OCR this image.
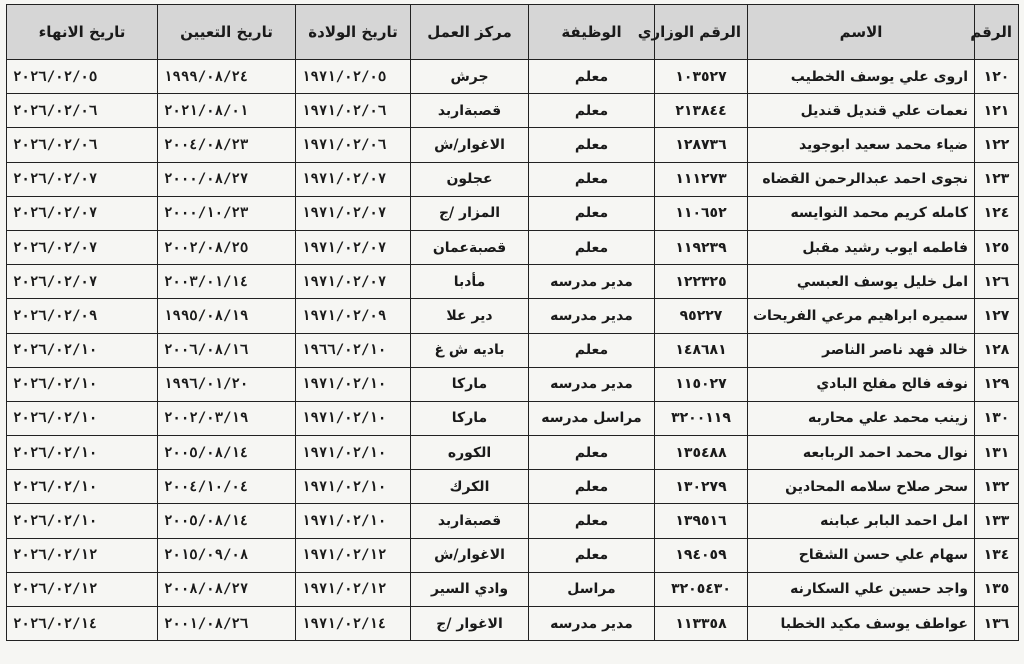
الرقم	الاسم	الرقم الوزاري	الوظيفة	مركز العمل	تاريخ الولادة	تاريخ التعيين	تاريخ الانهاء
١٢٠	اروى علي يوسف الخطيب	١٠٣٥٢٧	معلم	جرش	١٩٧١/٠٢/٠٥	١٩٩٩/٠٨/٢٤	٢٠٢٦/٠٢/٠٥
١٢١	نعمات علي قنديل قنديل	٢١٣٨٤٤	معلم	قصبةاربد	١٩٧١/٠٢/٠٦	٢٠٢١/٠٨/٠١	٢٠٢٦/٠٢/٠٦
١٢٢	ضياء محمد سعيد ابوجويد	١٢٨٧٣٦	معلم	الاغوار/ش	١٩٧١/٠٢/٠٦	٢٠٠٤/٠٨/٢٣	٢٠٢٦/٠٢/٠٦
١٢٣	نجوى احمد عبدالرحمن القضاه	١١١٢٧٣	معلم	عجلون	١٩٧١/٠٢/٠٧	٢٠٠٠/٠٨/٢٧	٢٠٢٦/٠٢/٠٧
١٢٤	كامله كريم محمد النوايسه	١١٠٦٥٢	معلم	المزار /ج	١٩٧١/٠٢/٠٧	٢٠٠٠/١٠/٢٣	٢٠٢٦/٠٢/٠٧
١٢٥	فاطمه ايوب رشيد مقبل	١١٩٢٣٩	معلم	قصبةعمان	١٩٧١/٠٢/٠٧	٢٠٠٢/٠٨/٢٥	٢٠٢٦/٠٢/٠٧
١٢٦	امل خليل يوسف العبسي	١٢٢٣٢٥	مدير مدرسه	مأدبا	١٩٧١/٠٢/٠٧	٢٠٠٣/٠١/١٤	٢٠٢٦/٠٢/٠٧
١٢٧	سميره ابراهيم مرعي الفريحات	٩٥٢٢٧	مدير مدرسه	دير علا	١٩٧١/٠٢/٠٩	١٩٩٥/٠٨/١٩	٢٠٢٦/٠٢/٠٩
١٢٨	خالد فهد ناصر الناصر	١٤٨٦٨١	معلم	باديه ش غ	١٩٦٦/٠٢/١٠	٢٠٠٦/٠٨/١٦	٢٠٢٦/٠٢/١٠
١٢٩	نوفه فالح مفلح البادي	١١٥٠٢٧	مدير مدرسه	ماركا	١٩٧١/٠٢/١٠	١٩٩٦/٠١/٢٠	٢٠٢٦/٠٢/١٠
١٣٠	زينب محمد علي محاربه	٣٢٠٠١١٩	مراسل مدرسه	ماركا	١٩٧١/٠٢/١٠	٢٠٠٢/٠٣/١٩	٢٠٢٦/٠٢/١٠
١٣١	نوال محمد احمد الربابعه	١٣٥٤٨٨	معلم	الكوره	١٩٧١/٠٢/١٠	٢٠٠٥/٠٨/١٤	٢٠٢٦/٠٢/١٠
١٣٢	سحر صلاح سلامه المحادين	١٣٠٢٧٩	معلم	الكرك	١٩٧١/٠٢/١٠	٢٠٠٤/١٠/٠٤	٢٠٢٦/٠٢/١٠
١٣٣	امل احمد البابر عبابنه	١٣٩٥١٦	معلم	قصبةاربد	١٩٧١/٠٢/١٠	٢٠٠٥/٠٨/١٤	٢٠٢٦/٠٢/١٠
١٣٤	سهام علي حسن الشقاح	١٩٤٠٥٩	معلم	الاغوار/ش	١٩٧١/٠٢/١٢	٢٠١٥/٠٩/٠٨	٢٠٢٦/٠٢/١٢
١٣٥	واجد حسين علي السكارنه	٣٢٠٥٤٣٠	مراسل	وادي السير	١٩٧١/٠٢/١٢	٢٠٠٨/٠٨/٢٧	٢٠٢٦/٠٢/١٢
١٣٦	عواطف يوسف مكيد الخطبا	١١٣٣٥٨	مدير مدرسه	الاغوار /ج	١٩٧١/٠٢/١٤	٢٠٠١/٠٨/٢٦	٢٠٢٦/٠٢/١٤
